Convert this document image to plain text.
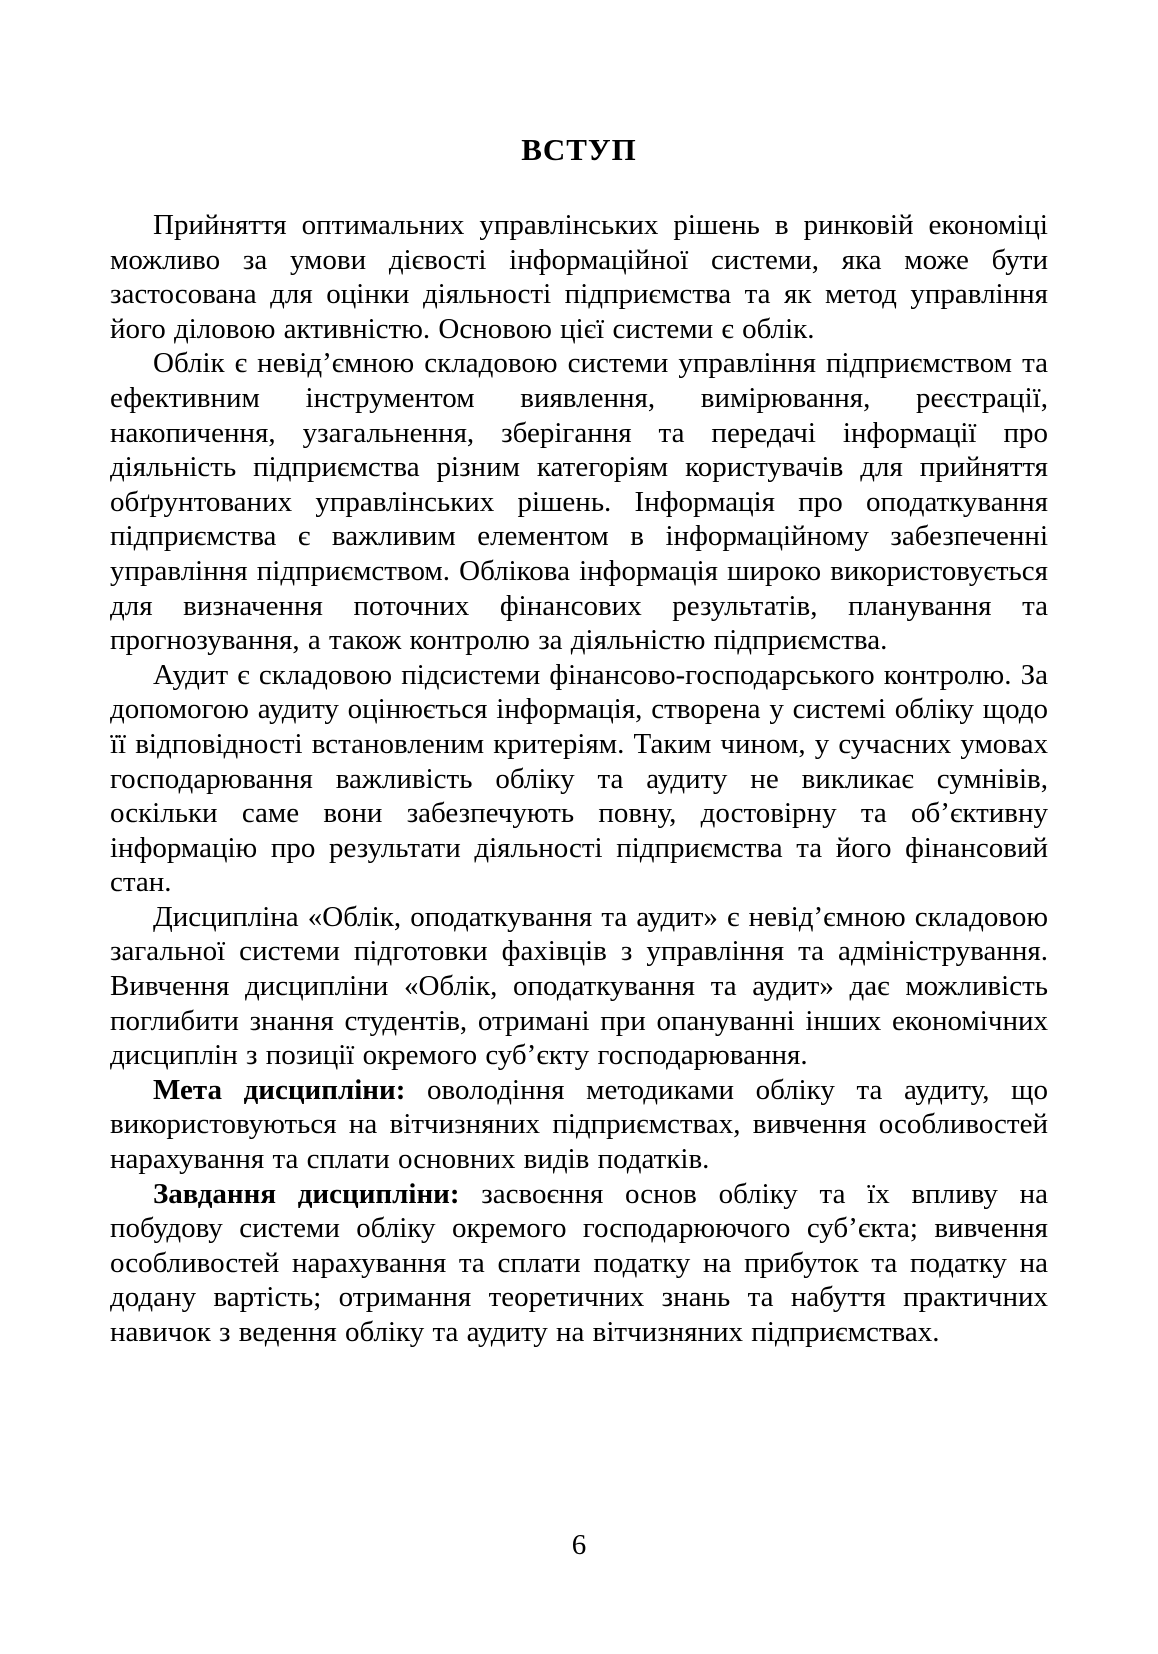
ВСТУП

Прийняття оптимальних управлінських рішень в ринковій економіці можливо за умови дієвості інформаційної системи, яка може бути застосована для оцінки діяльності підприємства та як метод управління його діловою активністю. Основою цієї системи є облік.

Облік є невід’ємною складовою системи управління підприємством та ефективним інструментом виявлення, вимірювання, реєстрації, накопичення, узагальнення, зберігання та передачі інформації про діяльність підприємства різним категоріям користувачів для прийняття обґрунтованих управлінських рішень. Інформація про оподаткування підприємства є важливим елементом в інформаційному забезпеченні управління підприємством. Облікова інформація широко використовується для визначення поточних фінансових результатів, планування та прогнозування, а також контролю за діяльністю підприємства.

Аудит є складовою підсистеми фінансово-господарського контролю. За допомогою аудиту оцінюється інформація, створена у системі обліку щодо її відповідності встановленим критеріям. Таким чином, у сучасних умовах господарювання важливість обліку та аудиту не викликає сумнівів, оскільки саме вони забезпечують повну, достовірну та об’єктивну інформацію про результати діяльності підприємства та його фінансовий стан.

Дисципліна «Облік, оподаткування та аудит» є невід’ємною складовою загальної системи підготовки фахівців з управління та адміністрування. Вивчення дисципліни «Облік, оподаткування та аудит» дає можливість поглибити знання студентів, отримані при опануванні інших економічних дисциплін з позиції окремого суб’єкту господарювання.

Мета дисципліни: оволодіння методиками обліку та аудиту, що використовуються на вітчизняних підприємствах, вивчення особливостей нарахування та сплати основних видів податків.

Завдання дисципліни: засвоєння основ обліку та їх впливу на побудову системи обліку окремого господарюючого суб’єкта; вивчення особливостей нарахування та сплати податку на прибуток та податку на додану вартість; отримання теоретичних знань та набуття практичних навичок з ведення обліку та аудиту на вітчизняних підприємствах.

6
